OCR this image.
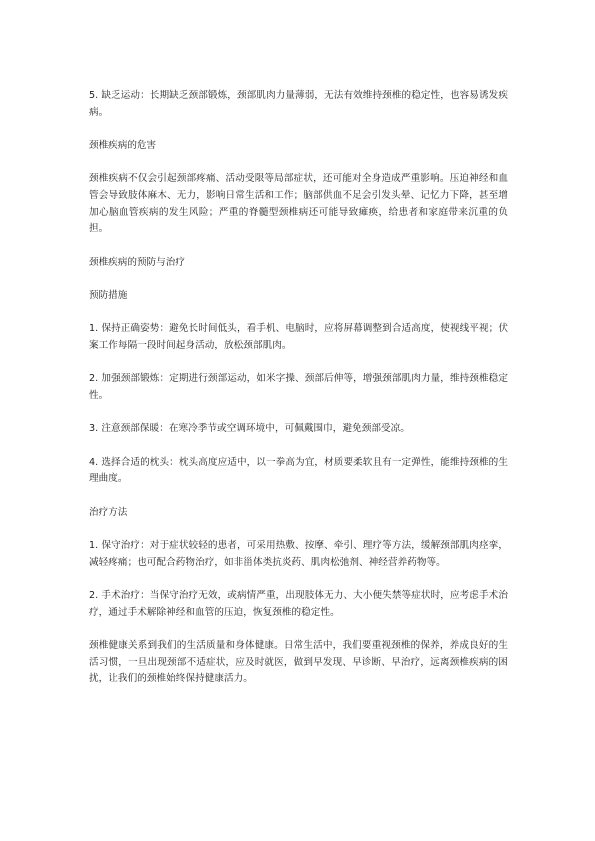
5. 缺乏运动：长期缺乏颈部锻炼，颈部肌肉力量薄弱，无法有效维持颈椎的稳定性，也容易诱发疾病。

颈椎疾病的危害

颈椎疾病不仅会引起颈部疼痛、活动受限等局部症状，还可能对全身造成严重影响。压迫神经和血管会导致肢体麻木、无力，影响日常生活和工作；脑部供血不足会引发头晕、记忆力下降，甚至增加心脑血管疾病的发生风险；严重的脊髓型颈椎病还可能导致瘫痪，给患者和家庭带来沉重的负担。

颈椎疾病的预防与治疗

预防措施

1. 保持正确姿势：避免长时间低头，看手机、电脑时，应将屏幕调整到合适高度，使视线平视；伏案工作每隔一段时间起身活动，放松颈部肌肉。

2. 加强颈部锻炼：定期进行颈部运动，如米字操、颈部后伸等，增强颈部肌肉力量，维持颈椎稳定性。

3. 注意颈部保暖：在寒冷季节或空调环境中，可佩戴围巾，避免颈部受凉。

4. 选择合适的枕头：枕头高度应适中，以一拳高为宜，材质要柔软且有一定弹性，能维持颈椎的生理曲度。

治疗方法

1. 保守治疗：对于症状较轻的患者，可采用热敷、按摩、牵引、理疗等方法，缓解颈部肌肉痉挛，减轻疼痛；也可配合药物治疗，如非甾体类抗炎药、肌肉松弛剂、神经营养药物等。

2. 手术治疗：当保守治疗无效，或病情严重，出现肢体无力、大小便失禁等症状时，应考虑手术治疗，通过手术解除神经和血管的压迫，恢复颈椎的稳定性。

颈椎健康关系到我们的生活质量和身体健康。日常生活中，我们要重视颈椎的保养，养成良好的生活习惯，一旦出现颈部不适症状，应及时就医，做到早发现、早诊断、早治疗，远离颈椎疾病的困扰，让我们的颈椎始终保持健康活力。
